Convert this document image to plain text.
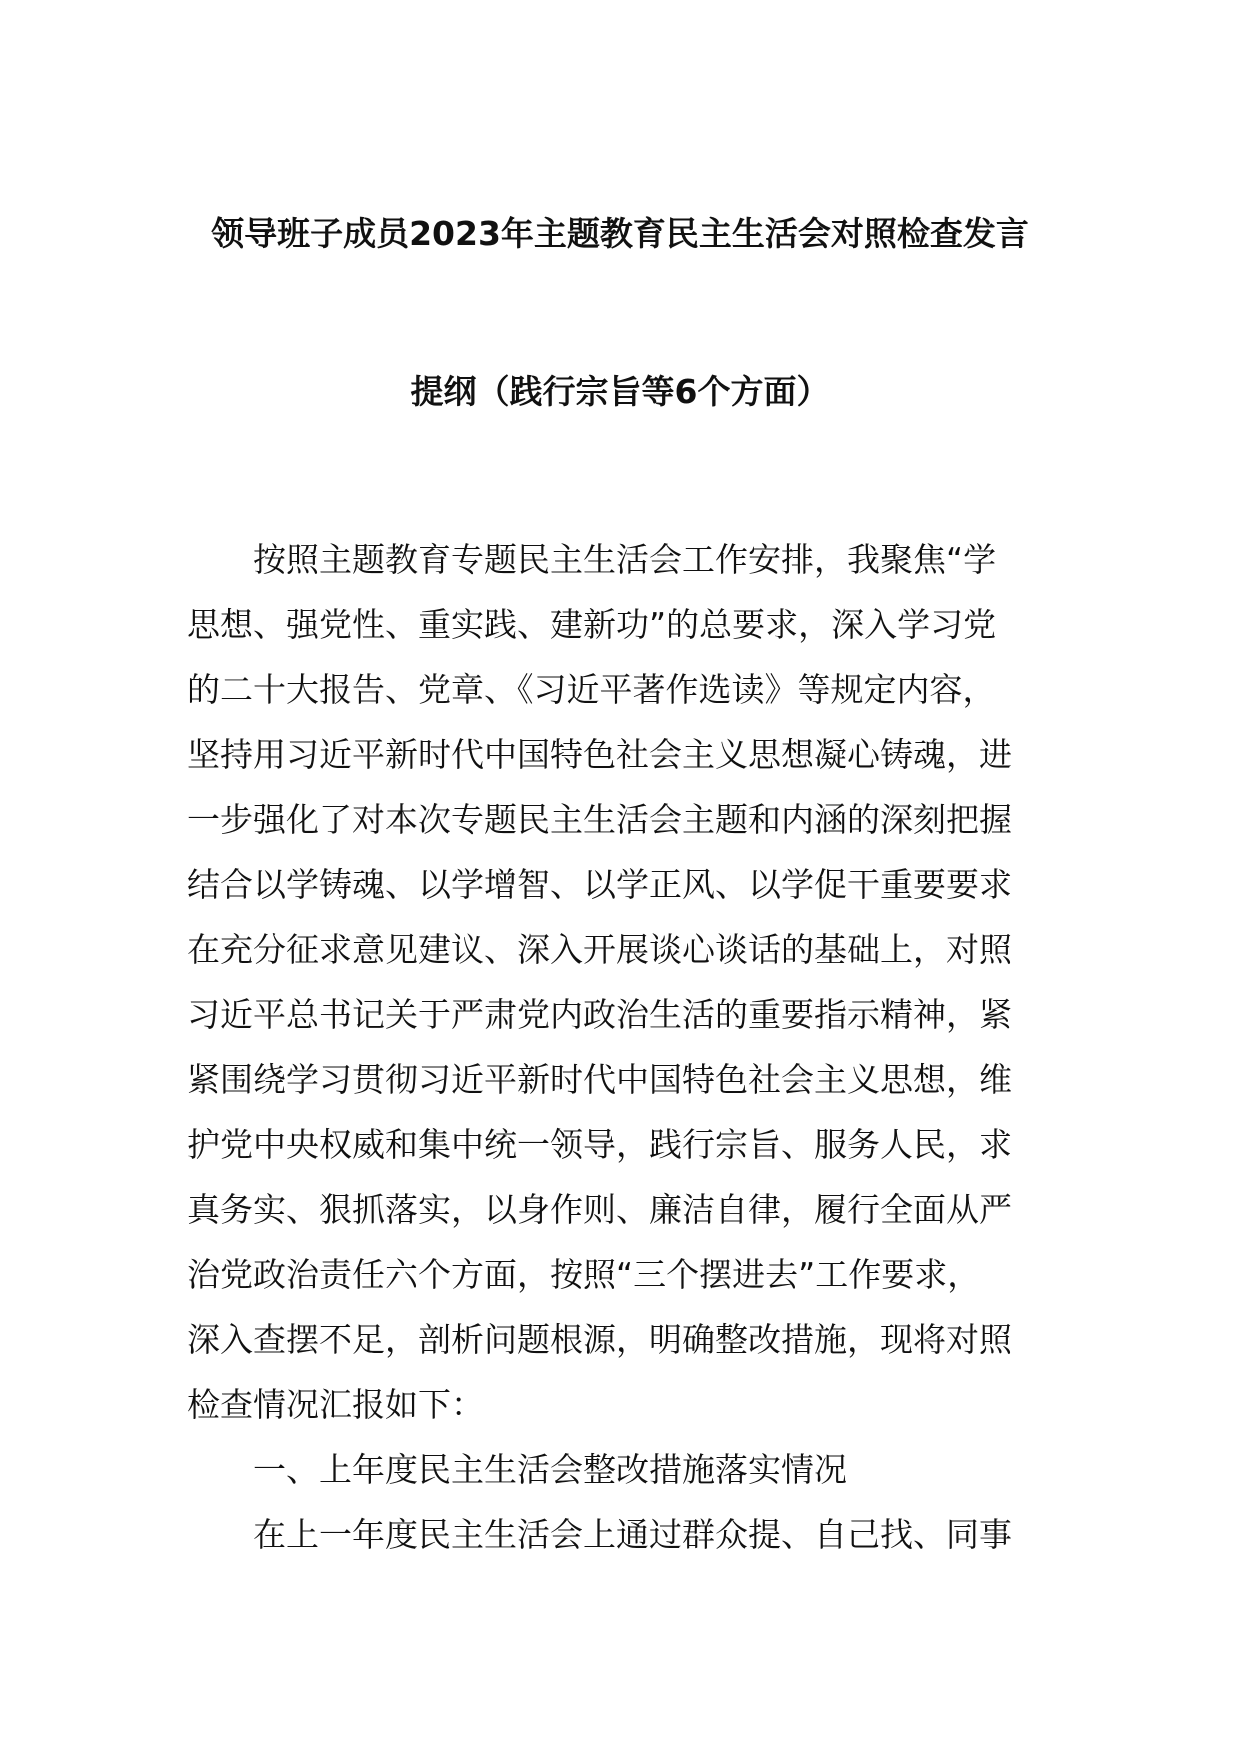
领导班子成员2023年主题教育民主生活会对照检查发言
提纲（践行宗旨等6个方面）
按照主题教育专题民主生活会工作安排，我聚焦“学
思想、强党性、重实践、建新功”的总要求，深入学习党
的二十大报告、党章、《习近平著作选读》等规定内容，
坚持用习近平新时代中国特色社会主义思想凝心铸魂，进
一步强化了对本次专题民主生活会主题和内涵的深刻把握
结合以学铸魂、以学增智、以学正风、以学促干重要要求
在充分征求意见建议、深入开展谈心谈话的基础上，对照
习近平总书记关于严肃党内政治生活的重要指示精神，紧
紧围绕学习贯彻习近平新时代中国特色社会主义思想，维
护党中央权威和集中统一领导，践行宗旨、服务人民，求
真务实、狠抓落实，以身作则、廉洁自律，履行全面从严
治党政治责任六个方面，按照“三个摆进去”工作要求，
深入查摆不足，剖析问题根源，明确整改措施，现将对照
检查情况汇报如下：
一、上年度民主生活会整改措施落实情况
在上一年度民主生活会上通过群众提、自己找、同事
